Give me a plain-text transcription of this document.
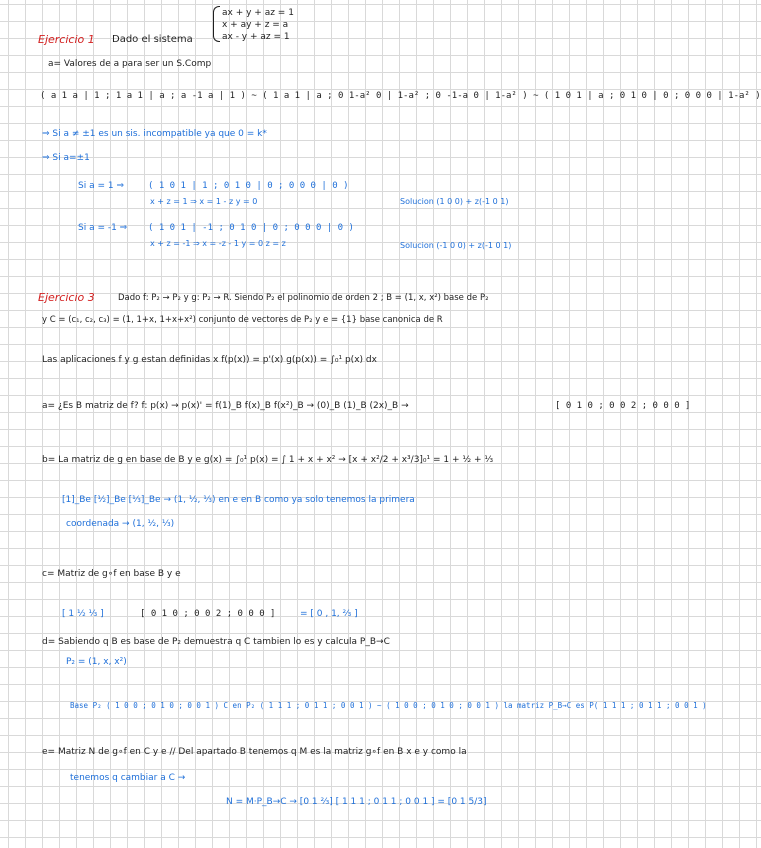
Ejercicio 1 Dado el sistema
ax + y + az = 1
x + ay + z = a
ax - y + az = 1
a= Valores de a para ser un S.Comp
( a 1 a | 1 ; 1 a 1 | a ; a -1 a | 1 ) ~ ( 1 a 1 | a ; 0 1-a² 0 | 1-a² ; 0 -1-a 0 | 1-a² ) ~ ( 1 0 1 | a ; 0 1 0 | 0 ; 0 0 0 | 1-a² )
⇒ Si a ≠ ±1 es un sis. incompatible ya que 0 = k*
⇒ Si a=±1
Si a = 1 ⇒	( 1 0 1 | 1 ; 0 1 0 | 0 ; 0 0 0 | 0 )
x + z = 1 ⇒ x = 1 - z y = 0	Solucion (1 0 0) + z(-1 0 1)
Si a = -1 ⇒ ( 1 0 1 | -1 ; 0 1 0 | 0 ; 0 0 0 | 0 )
x + z = -1 ⇒ x = -z - 1 y = 0 z = z	Solucion (-1 0 0) + z(-1 0 1)
Ejercicio 3	Dado f: P₂ → P₂ y g: P₂ → R. Siendo P₂ el polinomio de orden 2 ; B = (1, x, x²) base de P₂
y C = (c₁, c₂, c₃) = (1, 1+x, 1+x+x²) conjunto de vectores de P₂ y e = {1} base canonica de R
Las aplicaciones f y g estan definidas x f(p(x)) = p'(x) g(p(x)) = ∫₀¹ p(x) dx
a= ¿Es B matriz de f? f: p(x) → p(x)' = f(1)_B f(x)_B f(x²)_B → (0)_B (1)_B (2x)_B →	[ 0 1 0 ; 0 0 2 ; 0 0 0 ]
b= La matriz de g en base de B y e g(x) = ∫₀¹ p(x) = ∫ 1 + x + x² → [x + x²/2 + x³/3]₀¹ = 1 + ½ + ⅓
[1]_Be [½]_Be [⅓]_Be → (1, ½, ⅓) en e en B como ya solo tenemos la primera
coordenada → (1, ½, ⅓)
c= Matriz de g∘f en base B y e
[ 1 ½ ⅓ ]	[ 0 1 0 ; 0 0 2 ; 0 0 0 ]	= [ 0 , 1, ⅔ ]
d= Sabiendo q B es base de P₂ demuestra q C tambien lo es y calcula P_B→C
P₂ = (1, x, x²)
Base P₂ ( 1 0 0 ; 0 1 0 ; 0 0 1 ) C en P₂ ( 1 1 1 ; 0 1 1 ; 0 0 1 ) ~ ( 1 0 0 ; 0 1 0 ; 0 0 1 ) la matriz P_B→C es P( 1 1 1 ; 0 1 1 ; 0 0 1 )
e= Matriz N de g∘f en C y e // Del apartado B tenemos q M es la matriz g∘f en B x e y como la
tenemos q cambiar a C →
N = M·P_B→C → [0 1 ⅔] [ 1 1 1 ; 0 1 1 ; 0 0 1 ] = [0 1 5/3]
